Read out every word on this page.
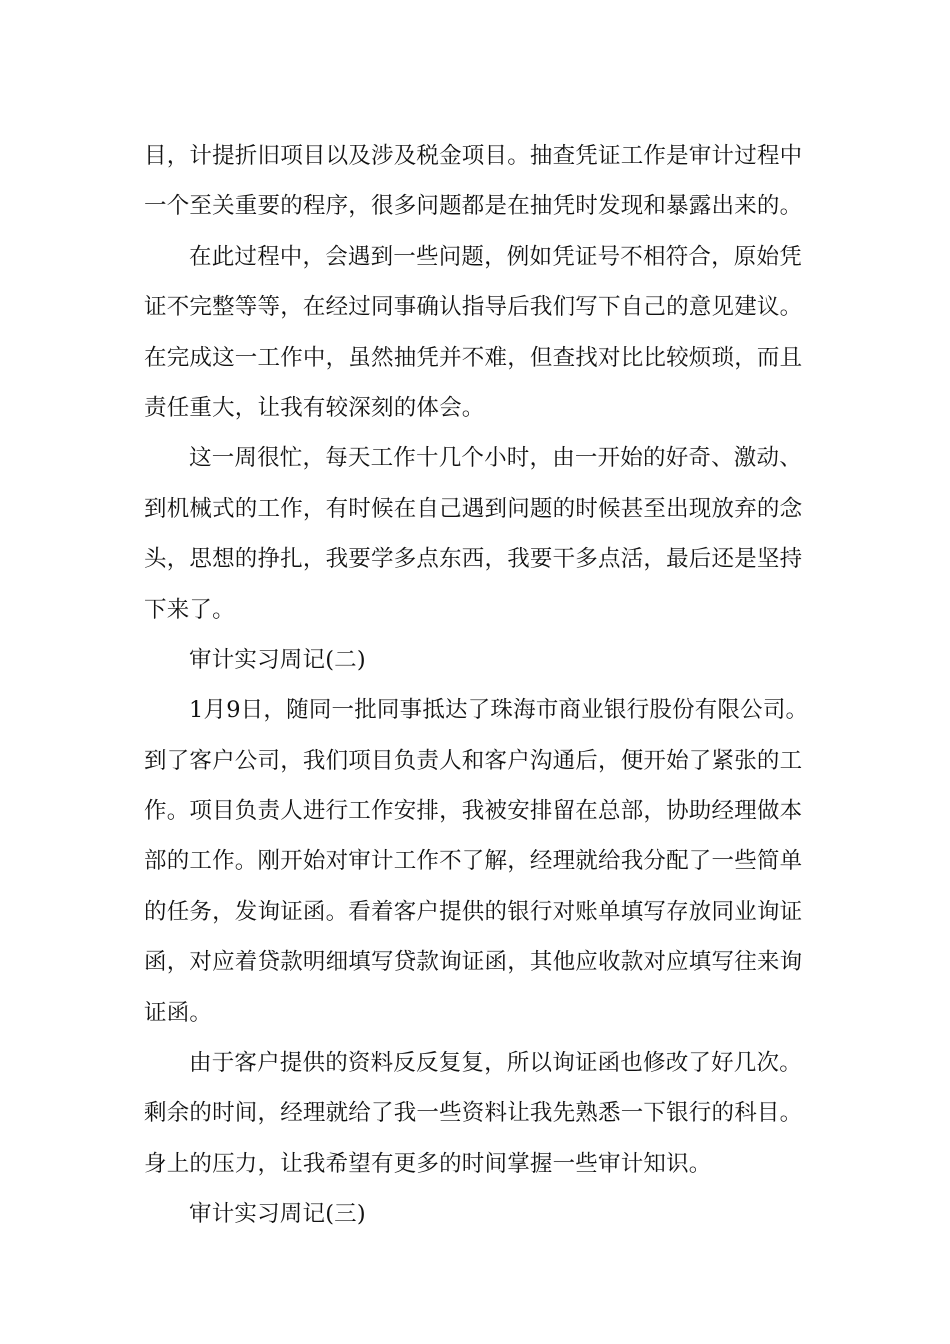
目，计提折旧项目以及涉及税金项目。抽查凭证工作是审计过程中
一个至关重要的程序，很多问题都是在抽凭时发现和暴露出来的。
在此过程中，会遇到一些问题，例如凭证号不相符合，原始凭
证不完整等等，在经过同事确认指导后我们写下自己的意见建议。
在完成这一工作中，虽然抽凭并不难，但查找对比比较烦琐，而且
责任重大，让我有较深刻的体会。
这一周很忙，每天工作十几个小时，由一开始的好奇、激动、
到机械式的工作，有时候在自己遇到问题的时候甚至出现放弃的念
头，思想的挣扎，我要学多点东西，我要干多点活，最后还是坚持
下来了。
审计实习周记(二)
1月9日，随同一批同事抵达了珠海市商业银行股份有限公司。
到了客户公司，我们项目负责人和客户沟通后，便开始了紧张的工
作。项目负责人进行工作安排，我被安排留在总部，协助经理做本
部的工作。刚开始对审计工作不了解，经理就给我分配了一些简单
的任务，发询证函。看着客户提供的银行对账单填写存放同业询证
函，对应着贷款明细填写贷款询证函，其他应收款对应填写往来询
证函。
由于客户提供的资料反反复复，所以询证函也修改了好几次。
剩余的时间，经理就给了我一些资料让我先熟悉一下银行的科目。
身上的压力，让我希望有更多的时间掌握一些审计知识。
审计实习周记(三)
